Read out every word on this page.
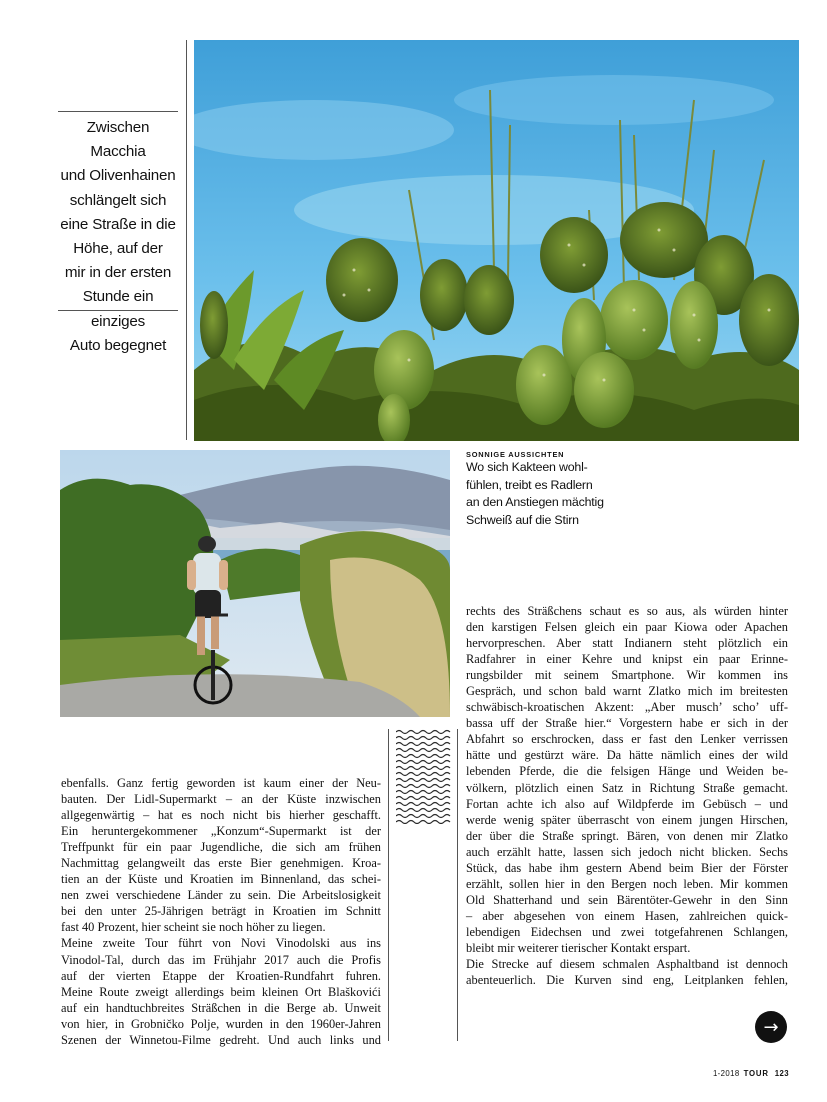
Zwischen Macchia
und Olivenhainen
schlängelt sich
eine Straße in die
Höhe, auf der
mir in der ersten
Stunde ein einziges
Auto begegnet
SONNIGE AUSSICHTEN
Wo sich Kakteen wohl-
fühlen, treibt es Radlern
an den Anstiegen mächtig
Schweiß auf die Stirn
ebenfalls. Ganz fertig geworden ist kaum einer der Neu-
bauten. Der Lidl-Supermarkt – an der Küste inzwischen
allgegenwärtig – hat es noch nicht bis hierher geschafft.
Ein heruntergekommener „Konzum“-Supermarkt ist der
Treffpunkt für ein paar Jugendliche, die sich am frühen
Nachmittag gelangweilt das erste Bier genehmigen. Kroa-
tien an der Küste und Kroatien im Binnenland, das schei-
nen zwei verschiedene Länder zu sein. Die Arbeitslosigkeit
bei den unter 25-Jährigen beträgt in Kroatien im Schnitt
fast 40 Prozent, hier scheint sie noch höher zu liegen.
Meine zweite Tour führt von Novi Vinodolski aus ins
Vinodol-Tal, durch das im Frühjahr 2017 auch die Profis
auf der vierten Etappe der Kroatien-Rundfahrt fuhren.
Meine Route zweigt allerdings beim kleinen Ort Blaškovići
auf ein handtuchbreites Sträßchen in die Berge ab. Unweit
von hier, in Grobničko Polje, wurden in den 1960er-Jahren
Szenen der Winnetou-Filme gedreht. Und auch links und
rechts des Sträßchens schaut es so aus, als würden hinter
den karstigen Felsen gleich ein paar Kiowa oder Apachen
hervorpreschen. Aber statt Indianern steht plötzlich ein
Radfahrer in einer Kehre und knipst ein paar Erinne-
rungsbilder mit seinem Smartphone. Wir kommen ins
Gespräch, und schon bald warnt Zlatko mich im breitesten
schwäbisch-kroatischen Akzent: „Aber musch’ scho’ uff-
bassa uff der Straße hier.“ Vorgestern habe er sich in der
Abfahrt so erschrocken, dass er fast den Lenker verrissen
hätte und gestürzt wäre. Da hätte nämlich eines der wild
lebenden Pferde, die die felsigen Hänge und Weiden be-
völkern, plötzlich einen Satz in Richtung Straße gemacht.
Fortan achte ich also auf Wildpferde im Gebüsch – und
werde wenig später überrascht von einem jungen Hirschen,
der über die Straße springt. Bären, von denen mir Zlatko
auch erzählt hatte, lassen sich jedoch nicht blicken. Sechs
Stück, das habe ihm gestern Abend beim Bier der Förster
erzählt, sollen hier in den Bergen noch leben. Mir kommen
Old Shatterhand und sein Bärentöter-Gewehr in den Sinn
– aber abgesehen von einem Hasen, zahlreichen quick-
lebendigen Eidechsen und zwei totgefahrenen Schlangen,
bleibt mir weiterer tierischer Kontakt erspart.
Die Strecke auf diesem schmalen Asphaltband ist dennoch
abenteuerlich. Die Kurven sind eng, Leitplanken fehlen,
→
1-2018 TOUR 123
